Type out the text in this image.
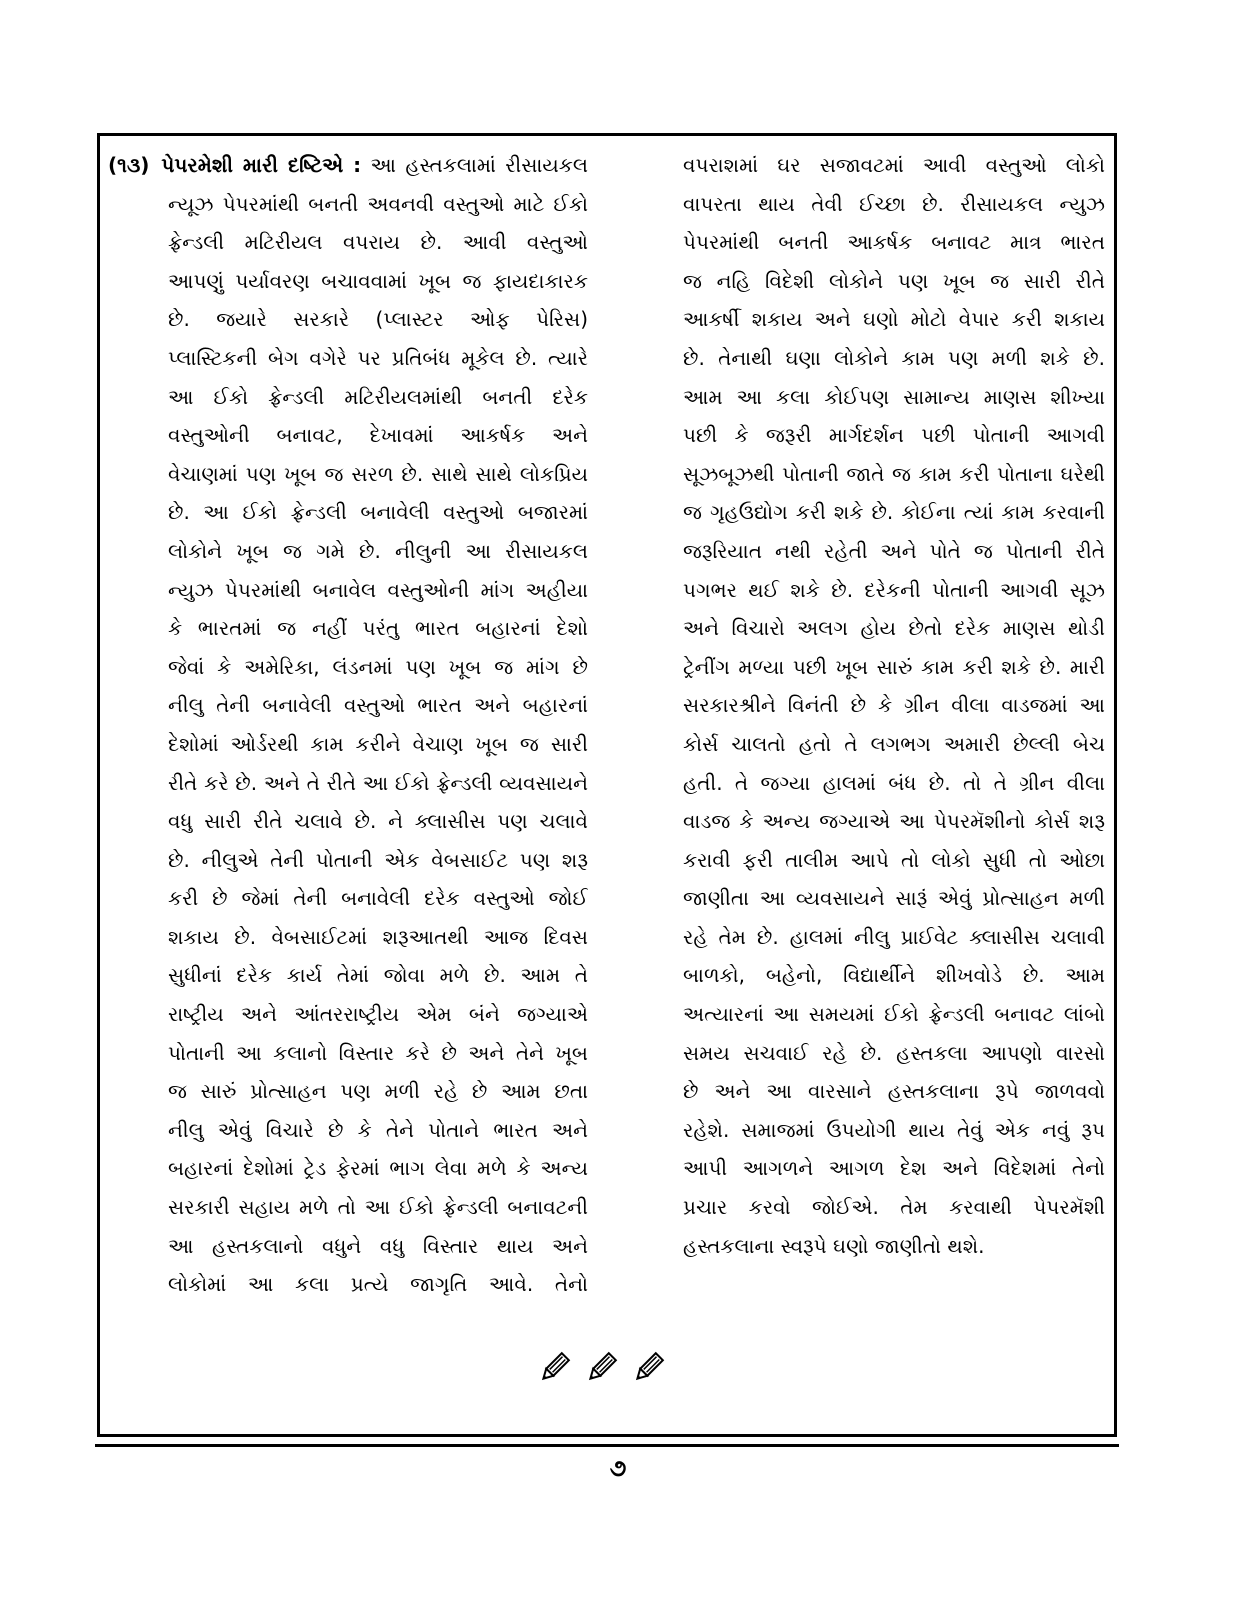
(૧૩) પેપરમેશી મારી દષ્ટિએ : આ હસ્તકલામાં રીસાયકલ
ન્યૂઝ પેપરમાંથી બનતી અવનવી વસ્તુઓ માટે ઈકો
ફ્રેન્ડલી મટિરીયલ વપરાય છે. આવી વસ્તુઓ
આપણું પર્યાવરણ બચાવવામાં ખૂબ જ ફાયદાકારક
છે. જયારે સરકારે (પ્લાસ્ટર ઓફ પેરિસ)
પ્લાસ્ટિકની બેગ વગેરે પર પ્રતિબંધ મૂકેલ છે. ત્યારે
આ ઈકો ફ્રેન્ડલી મટિરીયલમાંથી બનતી દરેક
વસ્તુઓની બનાવટ, દેખાવમાં આકર્ષક અને
વેચાણમાં પણ ખૂબ જ સરળ છે. સાથે સાથે લોકપ્રિય
છે. આ ઈકો ફ્રેન્ડલી બનાવેલી વસ્તુઓ બજારમાં
લોકોને ખૂબ જ ગમે છે. નીલુની આ રીસાયકલ
ન્યુઝ પેપરમાંથી બનાવેલ વસ્તુઓની માંગ અહીયા
કે ભારતમાં જ નહીં પરંતુ ભારત બહારનાં દેશો
જેવાં કે અમેરિકા, લંડનમાં પણ ખૂબ જ માંગ છે
નીલુ તેની બનાવેલી વસ્તુઓ ભારત અને બહારનાં
દેશોમાં ઓર્ડરથી કામ કરીને વેચાણ ખૂબ જ સારી
રીતે કરે છે. અને તે રીતે આ ઈકો ફ્રેન્ડલી વ્યવસાયને
વધુ સારી રીતે ચલાવે છે. ને ક્લાસીસ પણ ચલાવે
છે. નીલુએ તેની પોતાની એક વેબસાઈટ પણ શરૂ
કરી છે જેમાં તેની બનાવેલી દરેક વસ્તુઓ જોઈ
શકાય છે. વેબસાઈટમાં શરૂઆતથી આજ દિવસ
સુધીનાં દરેક કાર્ય તેમાં જોવા મળે છે. આમ તે
રાષ્ટ્રીય અને આંતરરાષ્ટ્રીય એમ બંને જગ્યાએ
પોતાની આ કલાનો વિસ્તાર કરે છે અને તેને ખૂબ
જ સારું પ્રોત્સાહન પણ મળી રહે છે આમ છતા
નીલુ એવું વિચારે છે કે તેને પોતાને ભારત અને
બહારનાં દેશોમાં ટ્રેડ ફેરમાં ભાગ લેવા મળે કે અન્ય
સરકારી સહાય મળે તો આ ઈકો ફ્રેન્ડલી બનાવટની
આ હસ્તકલાનો વધુને વધુ વિસ્તાર થાય અને
લોકોમાં આ કલા પ્રત્યે જાગૃતિ આવે. તેનો
વપરાશમાં ઘર સજાવટમાં આવી વસ્તુઓ લોકો
વાપરતા થાય તેવી ઈચ્છા છે. રીસાયકલ ન્યુઝ
પેપરમાંથી બનતી આકર્ષક બનાવટ માત્ર ભારત
જ નહિ વિદેશી લોકોને પણ ખૂબ જ સારી રીતે
આકર્ષી શકાય અને ઘણો મોટો વેપાર કરી શકાય
છે. તેનાથી ઘણા લોકોને કામ પણ મળી શકે છે.
આમ આ કલા કોઈપણ સામાન્ય માણસ શીખ્યા
પછી કે જરૂરી માર્ગદર્શન પછી પોતાની આગવી
સૂઝબૂઝથી પોતાની જાતે જ કામ કરી પોતાના ઘરેથી
જ ગૃહઉદ્યોગ કરી શકે છે. કોઈના ત્યાં કામ કરવાની
જરૂરિયાત નથી રહેતી અને પોતે જ પોતાની રીતે
પગભર થઈ શકે છે. દરેકની પોતાની આગવી સૂઝ
અને વિચારો અલગ હોય છેતો દરેક માણસ થોડી
ટ્રેનીંગ મળ્યા પછી ખૂબ સારું કામ કરી શકે છે. મારી
સરકારશ્રીને વિનંતી છે કે ગ્રીન વીલા વાડજમાં આ
કોર્સ ચાલતો હતો તે લગભગ અમારી છેલ્લી બેચ
હતી. તે જગ્યા હાલમાં બંધ છે. તો તે ગ્રીન વીલા
વાડજ કે અન્ય જગ્યાએ આ પેપરમૅશીનો કોર્સ શરૂ
કરાવી ફરી તાલીમ આપે તો લોકો સુધી તો ઓછા
જાણીતા આ વ્યવસાયને સારૂં એવું પ્રોત્સાહન મળી
રહે તેમ છે. હાલમાં નીલુ પ્રાઈવેટ ક્લાસીસ ચલાવી
બાળકો, બહેનો, વિદ્યાર્થીને શીખવોડે છે. આમ
અત્યારનાં આ સમયમાં ઈકો ફ્રેન્ડલી બનાવટ લાંબો
સમય સચવાઈ રહે છે. હસ્તકલા આપણો વારસો
છે અને આ વારસાને હસ્તકલાના રૂપે જાળવવો
રહેશે. સમાજમાં ઉપયોગી થાય તેવું એક નવું રૂપ
આપી આગળને આગળ દેશ અને વિદેશમાં તેનો
પ્રચાર કરવો જોઈએ. તેમ કરવાથી પેપરમૅશી
હસ્તકલાના સ્વરૂપે ઘણો જાણીતો થશે.
૭
